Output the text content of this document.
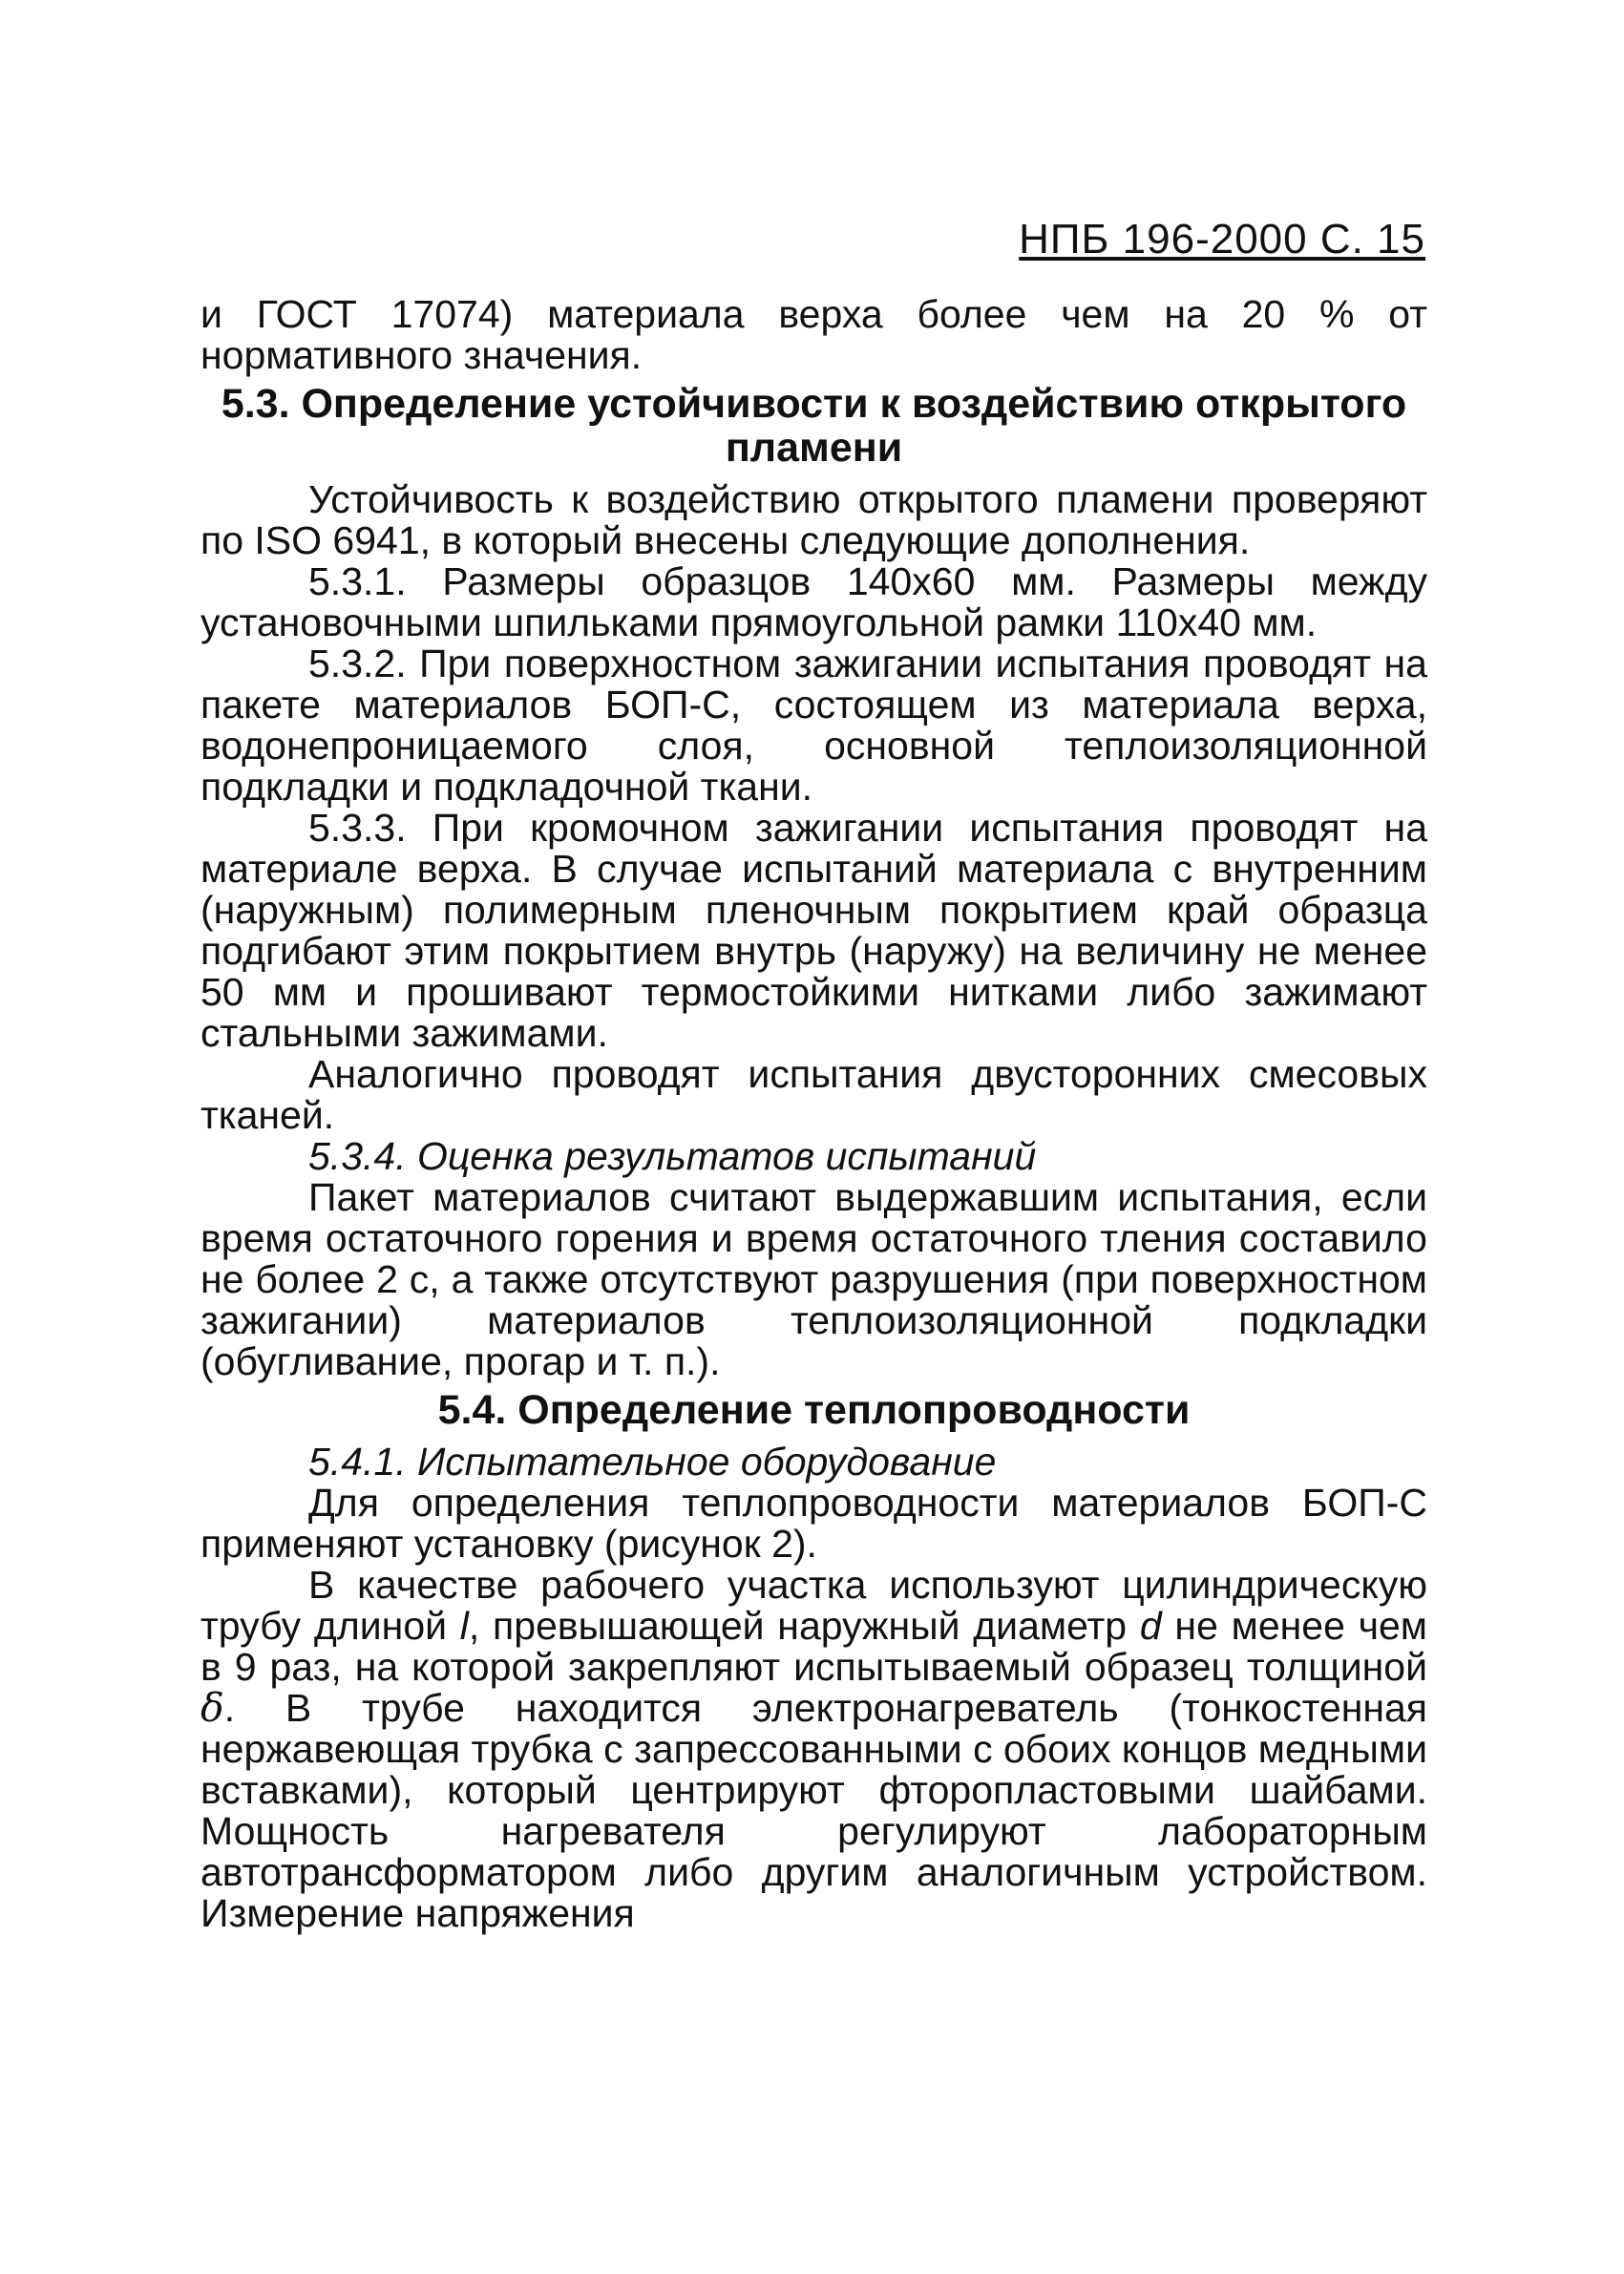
НПБ 196-2000 С. 15

и ГОСТ 17074) материала верха более чем на 20 % от нормативного значения.

5.3. Определение устойчивости к воздействию открытого пламени

Устойчивость к воздействию открытого пламени проверяют по ISO 6941, в который внесены следующие дополнения.

5.3.1. Размеры образцов 140х60 мм. Размеры между установочными шпильками прямоугольной рамки 110х40 мм.

5.3.2. При поверхностном зажигании испытания проводят на пакете материалов БОП-С, состоящем из материала верха, водонепроницаемого слоя, основной теплоизоляционной подкладки и подкладочной ткани.

5.3.3. При кромочном зажигании испытания проводят на материале верха. В случае испытаний материала с внутренним (наружным) полимерным пленочным покрытием край образца подгибают этим покрытием внутрь (наружу) на величину не менее 50 мм и прошивают термостойкими нитками либо зажимают стальными зажимами.

Аналогично проводят испытания двусторонних смесовых тканей.

5.3.4. Оценка результатов испытаний

Пакет материалов считают выдержавшим испытания, если время остаточного горения и время остаточного тления составило не более 2 с, а также отсутствуют разрушения (при поверхностном зажигании) материалов теплоизоляционной подкладки (обугливание, прогар и т. п.).

5.4. Определение теплопроводности

5.4.1. Испытательное оборудование

Для определения теплопроводности материалов БОП-С применяют установку (рисунок 2).

В качестве рабочего участка используют цилиндрическую трубу длиной l, превышающей наружный диаметр d не менее чем в 9 раз, на которой закрепляют испытываемый образец толщиной δ. В трубе находится электронагреватель (тонкостенная нержавеющая трубка с запрессованными с обоих концов медными вставками), который центрируют фторопластовыми шайбами. Мощность нагревателя регулируют лабораторным автотрансформатором либо другим аналогичным устройством. Измерение напряжения
